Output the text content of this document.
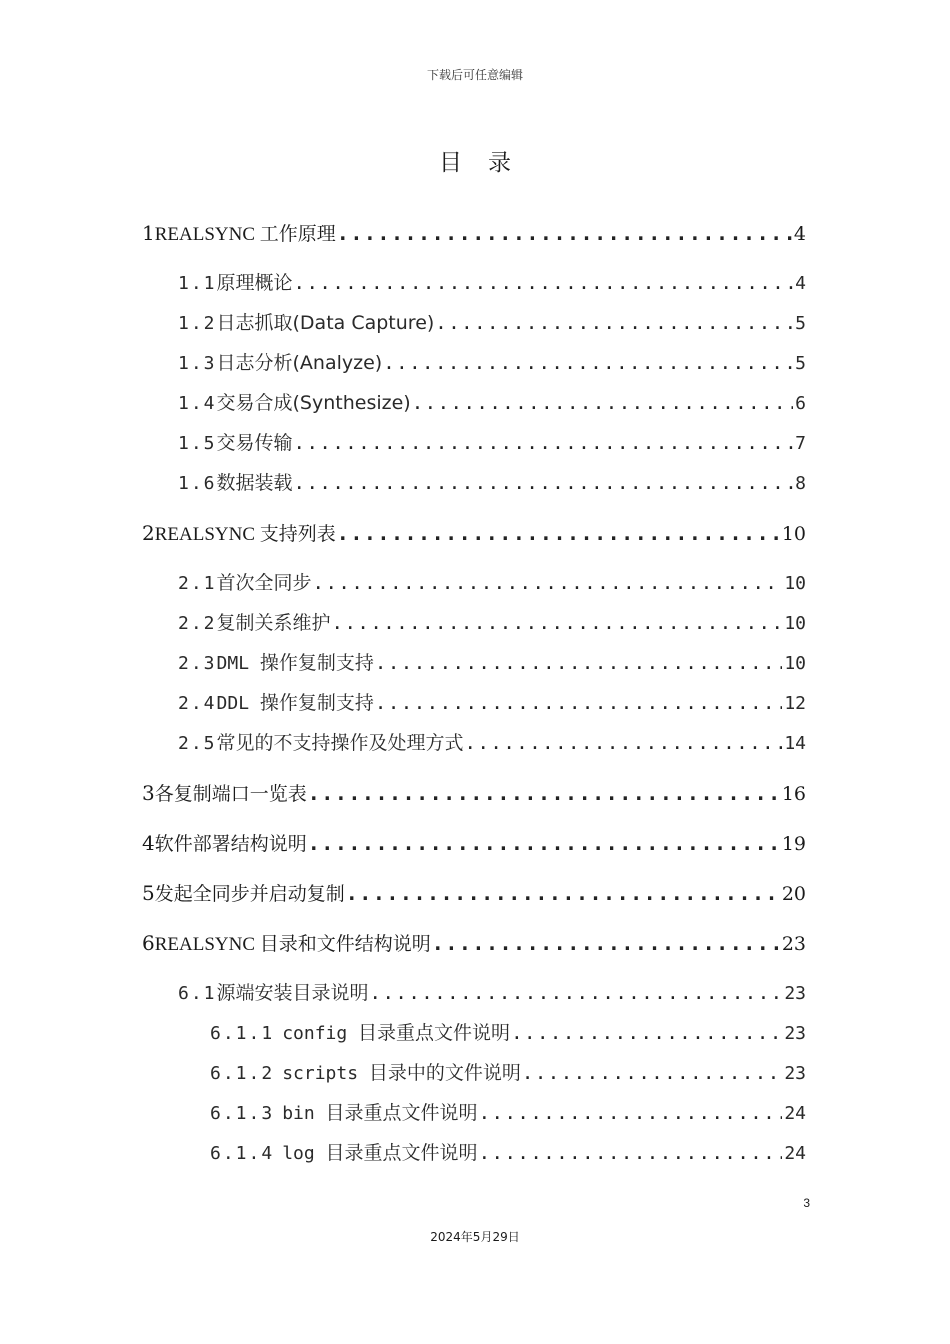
下载后可任意编辑
目录
1 REALSYNC 工作原理 .....	4
1.1 原理概论 .....	4
1.2 日志抓取(Data Capture) .....	5
1.3 日志分析(Analyze) .....	5
1.4 交易合成(Synthesize) .....	6
1.5 交易传输 .....	7
1.6 数据装载 .....	8
2 REALSYNC 支持列表 .....	10
2.1 首次全同步 .....	10
2.2 复制关系维护 .....	10
2.3 DML 操作复制支持 .....	10
2.4 DDL 操作复制支持 .....	12
2.5 常见的不支持操作及处理方式 .....	14
3 各复制端口一览表 .....	16
4 软件部署结构说明 .....	19
5 发起全同步并启动复制 .....	20
6 REALSYNC 目录和文件结构说明 .....	23
6.1 源端安装目录说明 .....	23
6.1.1 config 目录重点文件说明 .....	23
6.1.2 scripts 目录中的文件说明 .....	23
6.1.3 bin 目录重点文件说明 .....	24
6.1.4 log 目录重点文件说明 .....	24
3
2024年5月29日
